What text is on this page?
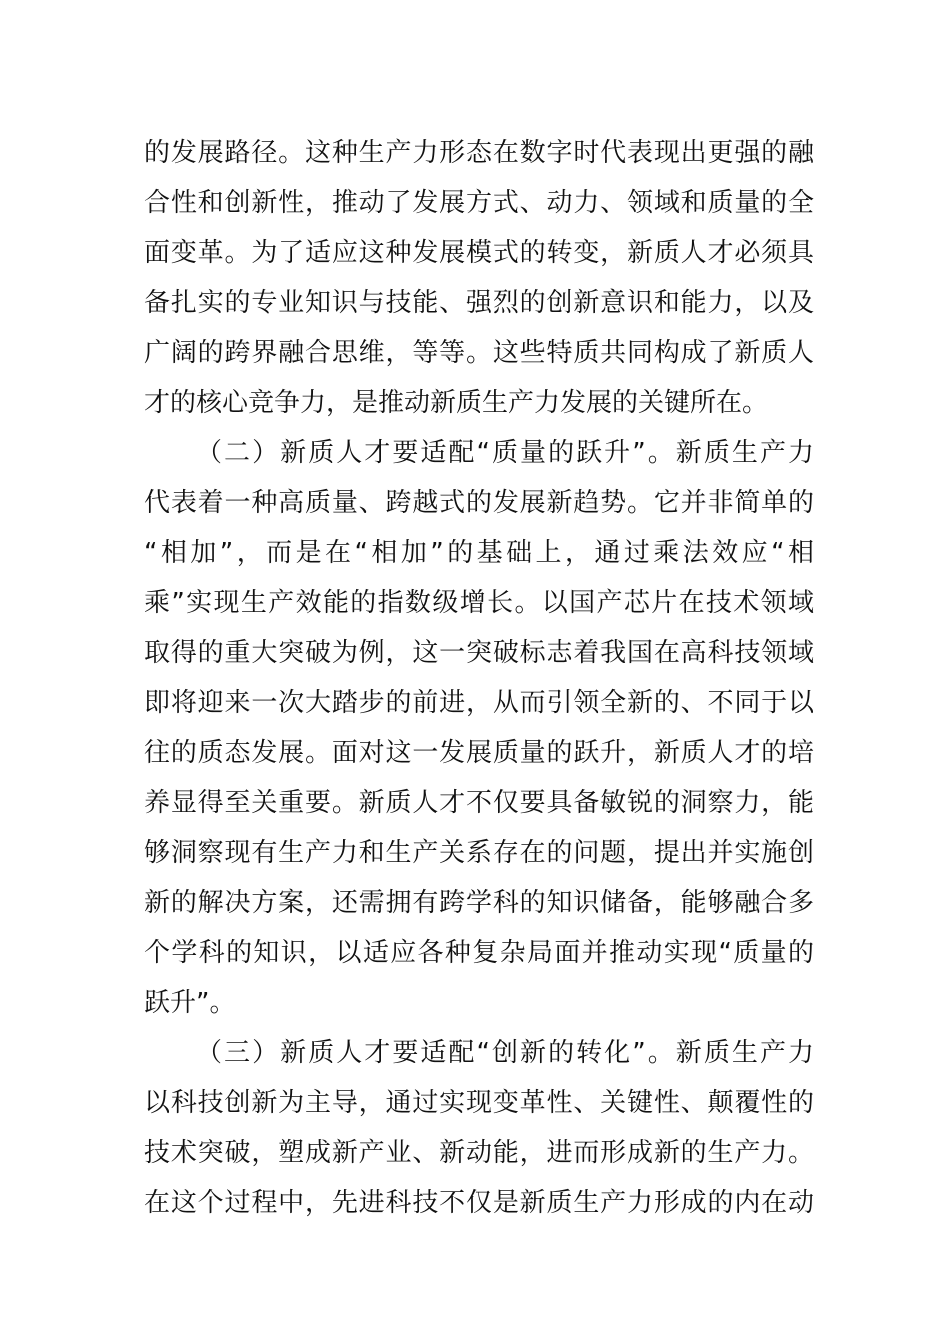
的发展路径。这种生产力形态在数字时代表现出更强的融
合性和创新性，推动了发展方式、动力、领域和质量的全
面变革。为了适应这种发展模式的转变，新质人才必须具
备扎实的专业知识与技能、强烈的创新意识和能力，以及
广阔的跨界融合思维，等等。这些特质共同构成了新质人
才的核心竞争力，是推动新质生产力发展的关键所在。
（二）新质人才要适配“质量的跃升”。新质生产力
代表着一种高质量、跨越式的发展新趋势。它并非简单的
“相加”，而是在“相加”的基础上，通过乘法效应“相
乘”实现生产效能的指数级增长。以国产芯片在技术领域
取得的重大突破为例，这一突破标志着我国在高科技领域
即将迎来一次大踏步的前进，从而引领全新的、不同于以
往的质态发展。面对这一发展质量的跃升，新质人才的培
养显得至关重要。新质人才不仅要具备敏锐的洞察力，能
够洞察现有生产力和生产关系存在的问题，提出并实施创
新的解决方案，还需拥有跨学科的知识储备，能够融合多
个学科的知识，以适应各种复杂局面并推动实现“质量的
跃升”。
（三）新质人才要适配“创新的转化”。新质生产力
以科技创新为主导，通过实现变革性、关键性、颠覆性的
技术突破，塑成新产业、新动能，进而形成新的生产力。
在这个过程中，先进科技不仅是新质生产力形成的内在动
